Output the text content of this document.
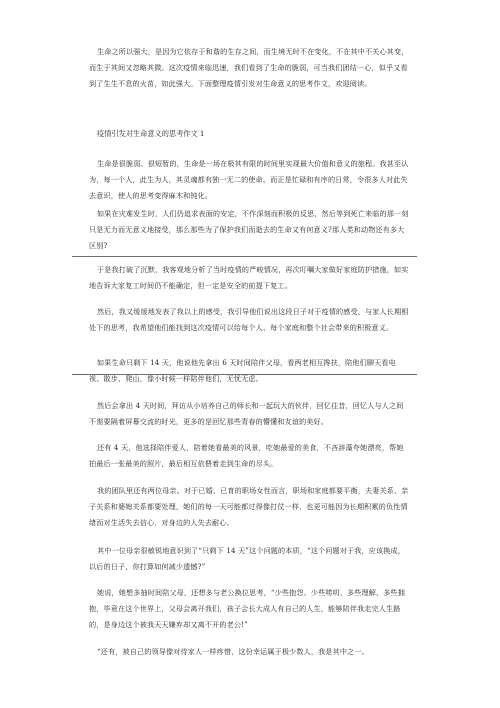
生命之所以强大，是因为它依存于和谐的生存之间，而生境无时不在变化，不在其中不关心其变，而生于其间又忽略其微。这次疫情来临迅速，我们看到了生命的脆弱，可当我们团结一心，似乎又看到了生生不息的火苗，如此强大。下面整理疫情引发对生命意义的思考作文，欢迎阅读。

疫情引发对生命意义的思考作文 1

生命是很脆弱、很短暂的，生命是一场在极其有限的时间里实现最大价值和意义的旅程。我甚至认为，每一个人，此生为人，其灵魂都有独一无二的使命。而正是忙碌和有序的日常，令很多人对此失去意识，使人的思考变得麻木和钝化。

如果在灾难发生时，人们仍追求表面的安定，不作深刻而积极的反思，然后等到死亡来临的那一刻只是无力而无意义地接受，那么那些为了保护我们而逝去的生命又有何意义?那人类和动物还有多大区别?

于是我打破了沉默，我客观地分析了当时疫情的严峻情况，再次叮嘱大家做好家庭防护措施，如实地告诉大家复工时间仍不能确定，但一定是安全的前提下复工。

然后，我又缓缓地发表了我以上的感受，我引导他们说出这段日子对于疫情的感受，与家人长期相处下的思考，我希望他们能找到这次疫情可以给每个人、每个家庭和整个社会带来的积极意义。

如果生命只剩下 14 天，他说他先拿出 6 天时间陪伴父母，看两老相互搀扶，陪他们聊天看电视、散步、爬山，像小时候一样陪伴他们，无忧无虑。

然后会拿出 4 天时间，拜访从小培养自己的师长和一起玩大的伙伴，回忆往昔，回忆人与人之间不需要隔着屏幕交流的时光，更多的是回忆那些青春的懵懂和友谊的美好。

还有 4 天，他选择陪伴爱人，陪着她看最美的风景，吃她最爱的美食，不吝辞藻夸她漂亮，帮她拍最后一张最美的照片，最后相互依偎着走到生命的尽头。

我的团队里还有两位母亲。对于已婚、已育的职场女性而言，职场和家庭都要平衡，夫妻关系、亲子关系和婆媳关系都要处理，她们的每一天可能都过得像打仗一样，也更可能因为长期积累的负性情绪而对生活失去信心，对身边的人失去耐心。

其中一位母亲很敏锐地意识到了“只剩下 14 天”这个问题的本质，“这个问题对于我，应该换成，以后的日子，你打算如何减少遗憾?”

她说，她想多抽时间陪父母，还想多与老公换位思考，“少些抱怨、少些唠叨、多些理解、多些拥抱，毕竟在这个世界上，父母会离开我们，孩子会长大成人有自己的人生，能够陪伴我走完人生路的，是身边这个被我天天嫌弃却又离不开的老公!”

“还有，被自己的领导像对待家人一样疼惜，这份幸运属于极少数人，我是其中之一。
